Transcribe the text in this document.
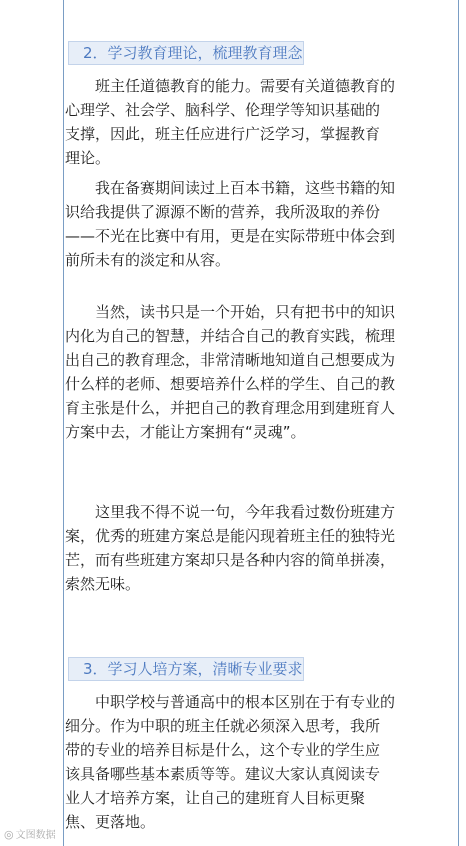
2．学习教育理论，梳理教育理念

班主任道德教育的能力。需要有关道德教育的
心理学、社会学、脑科学、伦理学等知识基础的
支撑，因此，班主任应进行广泛学习，掌握教育
理论。

我在备赛期间读过上百本书籍，这些书籍的知
识给我提供了源源不断的营养，我所汲取的养份
——不光在比赛中有用，更是在实际带班中体会到
前所未有的淡定和从容。

当然，读书只是一个开始，只有把书中的知识
内化为自己的智慧，并结合自己的教育实践，梳理
出自己的教育理念，非常清晰地知道自己想要成为
什么样的老师、想要培养什么样的学生、自己的教
育主张是什么，并把自己的教育理念用到建班育人
方案中去，才能让方案拥有“灵魂”。

这里我不得不说一句，今年我看过数份班建方
案，优秀的班建方案总是能闪现着班主任的独特光
芒，而有些班建方案却只是各种内容的简单拼凑，
索然无味。

3．学习人培方案，清晰专业要求

中职学校与普通高中的根本区别在于有专业的
细分。作为中职的班主任就必须深入思考，我所
带的专业的培养目标是什么，这个专业的学生应
该具备哪些基本素质等等。建议大家认真阅读专
业人才培养方案，让自己的建班育人目标更聚
焦、更落地。

◎ 文图数据
